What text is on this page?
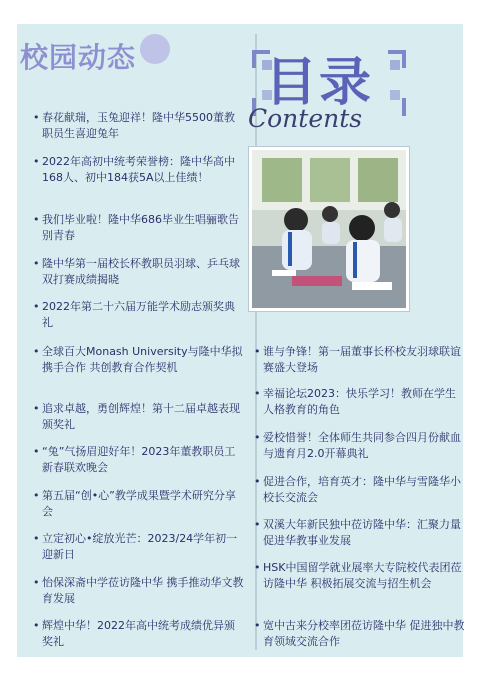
校园动态
• 春花献瑞，玉兔迎祥！隆中华5500董教职员生喜迎兔年
• 2022年高初中统考荣誉榜：隆中华高中168人、初中184获5A以上佳绩！
• 我们毕业啦！隆中华686毕业生唱骊歌告别青春
• 隆中华第一届校长杯教职员羽球、乒乓球双打赛成绩揭晓
• 2022年第二十六届万能学术励志颁奖典礼
• 全球百大Monash University与隆中华拟携手合作 共创教育合作契机
• 追求卓越，勇创辉煌！第十二届卓越表现颁奖礼
• “兔”气扬眉迎好年！2023年董教职员工新春联欢晚会
• 第五届“创•心”教学成果暨学术研究分享会
• 立定初心•绽放光芒：2023/24学年初一迎新日
• 怡保深斋中学莅访隆中华 携手推动华文教育发展
• 辉煌中华！2022年高中统考成绩优异颁奖礼
目录
Contents
• 谁与争锋！第一届董事长杯校友羽球联谊赛盛大登场
• 幸福论坛2023：快乐学习！教师在学生人格教育的角色
• 爱校惜誉！全体师生共同参合四月份献血与遗育月2.0开幕典礼
• 促进合作，培育英才：隆中华与雪隆华小校长交流会
• 双溪大年新民独中莅访隆中华：汇聚力量促进华教事业发展
• HSK中国留学就业展率大专院校代表团莅访隆中华 积极拓展交流与招生机会
• 宽中古来分校率团莅访隆中华 促进独中教育领域交流合作
